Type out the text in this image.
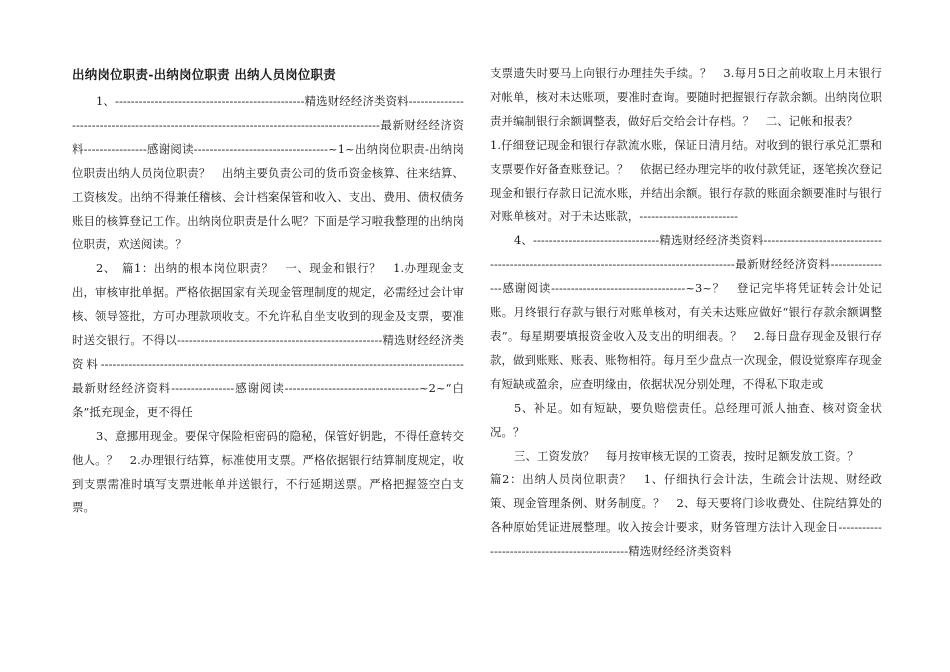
出纳岗位职责-出纳岗位职责 出纳人员岗位职责

1、------------------------------------------------精选财经经济类资料--------------------------------------------------------------------------------------------最新财经经济资料----------------感谢阅读----------------------------------~1~出纳岗位职责-出纳岗位职责出纳人员岗位职责？　出纳主要负责公司的货币资金核算、往来结算、工资核发。出纳不得兼任稽核、会计档案保管和收入、支出、费用、债权债务账目的核算登记工作。出纳岗位职责是什么呢？下面是学习啦我整理的出纳岗位职责，欢送阅读。？

2、　篇1：出纳的根本岗位职责？　一、现金和银行？　1.办理现金支出，审核审批单据。严格依据国家有关现金管理制度的规定，必需经过会计审核、领导签批，方可办理款项收支。不允许私自坐支收到的现金及支票，要准时送交银行。不得以----------------------------------------------------精选财经经济类资料--------------------------------------------------------------------------------------------最新财经经济资料----------------感谢阅读----------------------------------~2~“白条”抵充现金，更不得任

3、意挪用现金。要保守保险柜密码的隐秘，保管好钥匙，不得任意转交他人。？　2.办理银行结算，标准使用支票。严格依据银行结算制度规定，收到支票需准时填写支票进帐单并送银行，不行延期送票。严格把握签空白支票。

支票遗失时要马上向银行办理挂失手续。？　3.每月5日之前收取上月末银行对帐单，核对未达账项，要准时查询。要随时把握银行存款余额。出纳岗位职责并编制银行余额调整表，做好后交给会计存档。？　二、记帐和报表？

1.仔细登记现金和银行存款流水账，保证日清月结。对收到的银行承兑汇票和支票要作好备查账登记。？　依据已经办理完毕的收付款凭证，逐笔挨次登记现金和银行存款日记流水账，并结出余额。银行存款的账面余额要准时与银行对账单核对。对于未达账款，-------------------------

4、--------------------------------精选财经经济类资料--------------------------------------------------------------------------------------------最新财经经济资料----------------感谢阅读----------------------------------~3~？　登记完毕将凭证转会计处记账。月终银行存款与银行对账单核对，有关未达账应做好“银行存款余额调整表”。每星期要填报资金收入及支出的明细表。？　2.每日盘存现金及银行存款，做到账账、账表、账物相符。每月至少盘点一次现金，假设觉察库存现金有短缺或盈余，应查明缘由，依据状况分别处理，不得私下取走或

5、补足。如有短缺，要负赔偿责任。总经理可派人抽查、核对资金状况。？

三、工资发放？　每月按审核无误的工资表，按时足额发放工资。？

篇2：出纳人员岗位职责？　1、仔细执行会计法，生疏会计法规、财经政策、现金管理条例、财务制度。？　2、每天要将门诊收费处、住院结算处的各种原始凭证进展整理。收入按会计要求，财务管理方法计入现金日----------------------------------------------精选财经经济类资料
